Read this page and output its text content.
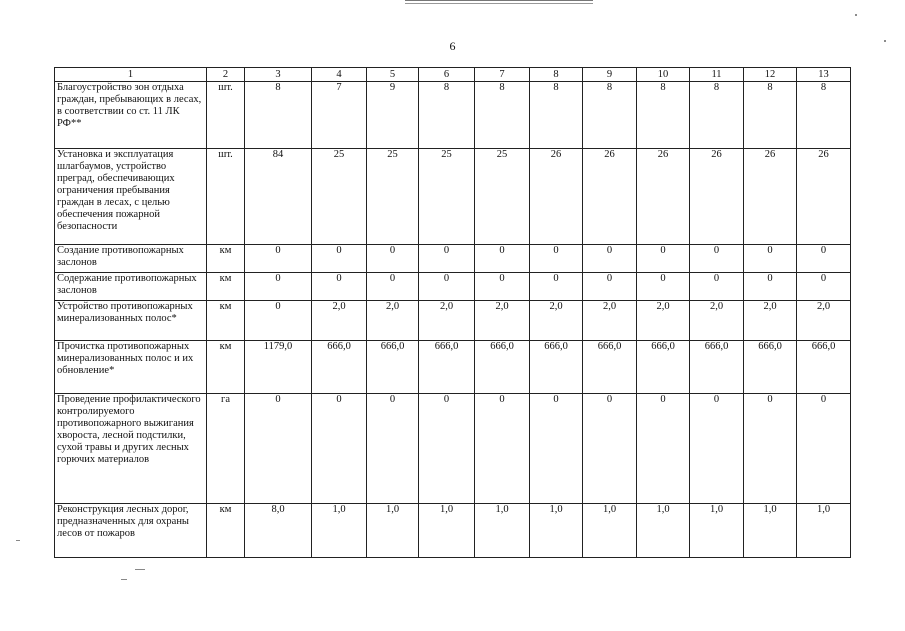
6
1	2	3	4	5	6	7	8	9	10	11	12	13
Благоустройство зон отдыха граждан, пребывающих в лесах, в соответствии со ст. 11 ЛК РФ**	шт.	8	7	9	8	8	8	8	8	8	8	8
Установка и эксплуатация шлагбаумов, устройство преград, обеспечивающих ограничения пребывания граждан в лесах, с целью обеспечения пожарной безопасности	шт.	84	25	25	25	25	26	26	26	26	26	26
Создание противопожарных заслонов	км	0	0	0	0	0	0	0	0	0	0	0
Содержание противопожарных заслонов	км	0	0	0	0	0	0	0	0	0	0	0
Устройство противопожарных минерализованных полос*	км	0	2,0	2,0	2,0	2,0	2,0	2,0	2,0	2,0	2,0	2,0
Прочистка противопожарных минерализованных полос и их обновление*	км	1179,0	666,0	666,0	666,0	666,0	666,0	666,0	666,0	666,0	666,0	666,0
Проведение профилактического контролируемого противопожарного выжигания хвороста, лесной подстилки, сухой травы и других лесных горючих материалов	га	0	0	0	0	0	0	0	0	0	0	0
Реконструкция лесных дорог, предназначенных для охраны лесов от пожаров	км	8,0	1,0	1,0	1,0	1,0	1,0	1,0	1,0	1,0	1,0	1,0
